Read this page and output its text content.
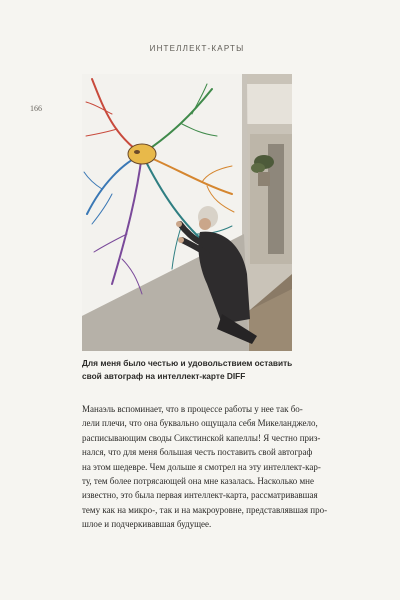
ИНТЕЛЛЕКТ-КАРТЫ
166
Для меня было честью и удовольствием оставить
свой автограф на интеллект-карте DIFF
Манаэль вспоминает, что в процессе работы у нее так бо-
лели плечи, что она буквально ощущала себя Микеланджело,
расписывающим своды Сикстинской капеллы! Я честно приз-
нался, что для меня большая честь поставить свой автограф
на этом шедевре. Чем дольше я смотрел на эту интеллект-кар-
ту, тем более потрясающей она мне казалась. Насколько мне
известно, это была первая интеллект-карта, рассматривавшая
тему как на микро-, так и на макроуровне, представлявшая про-
шлое и подчеркивавшая будущее.
